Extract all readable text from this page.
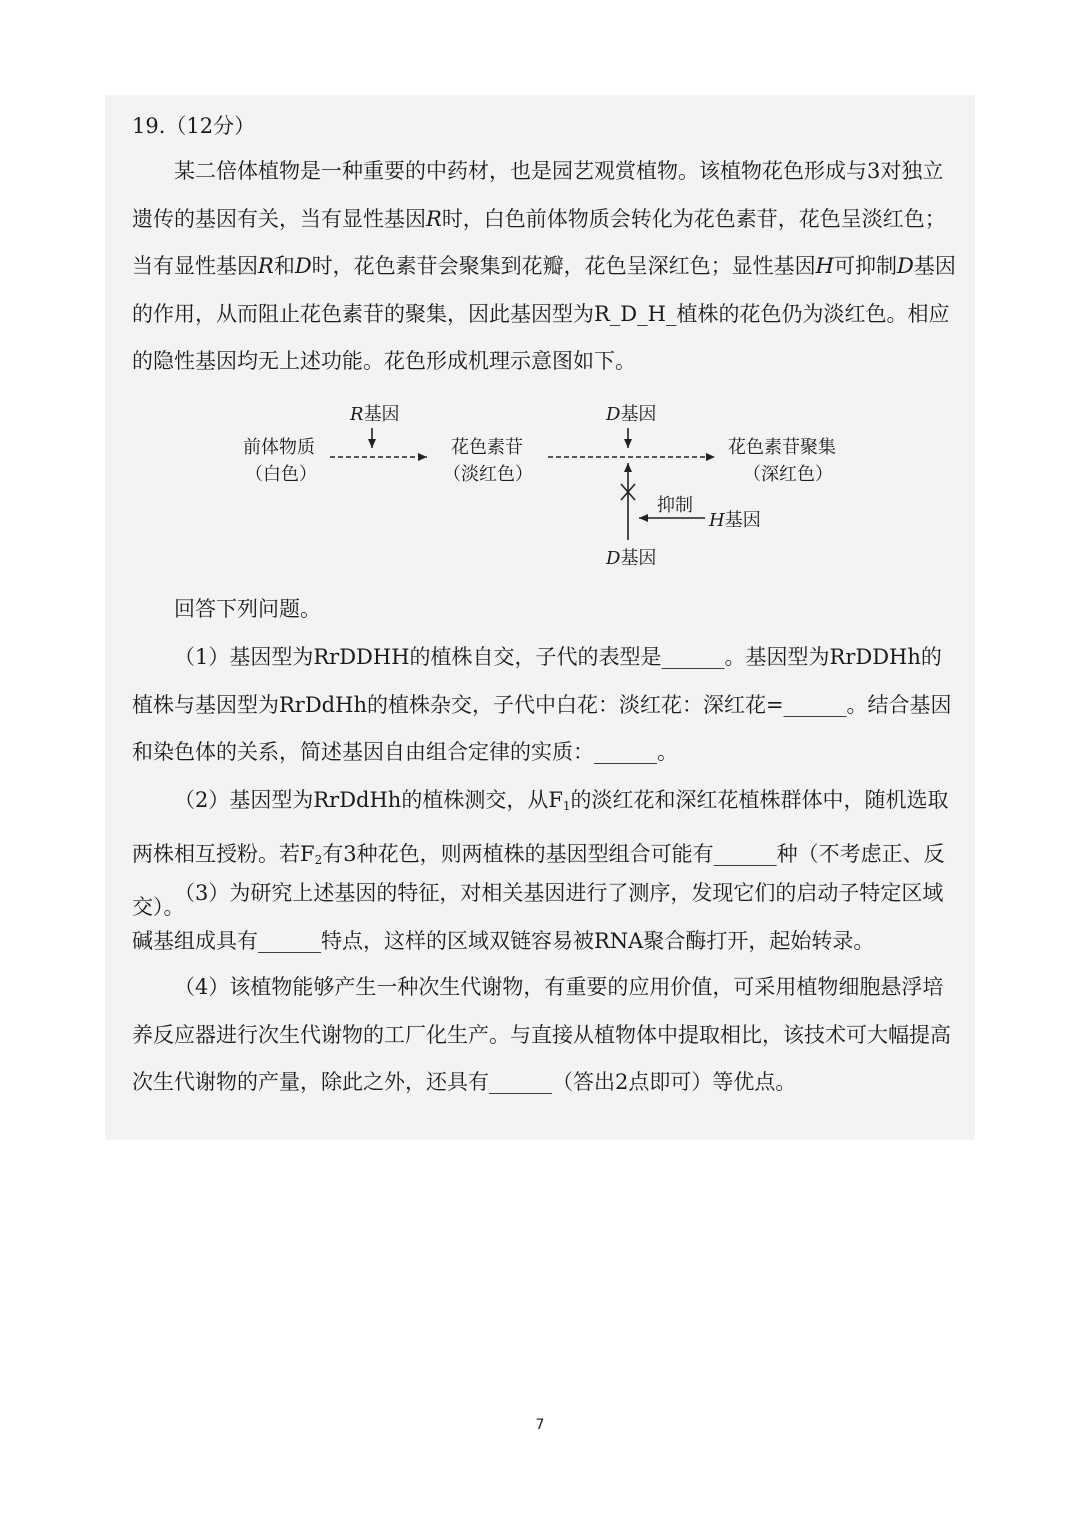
19.（12分）

某二倍体植物是一种重要的中药材，也是园艺观赏植物。该植物花色形成与3对独立遗传的基因有关，当有显性基因R时，白色前体物质会转化为花色素苷，花色呈淡红色；当有显性基因R和D时，花色素苷会聚集到花瓣，花色呈深红色；显性基因H可抑制D基因的作用，从而阻止花色素苷的聚集，因此基因型为R_D_H_植株的花色仍为淡红色。相应的隐性基因均无上述功能。花色形成机理示意图如下。

R基因	D基因
前体物质
（白色）
花色素苷
（淡红色）
花色素苷聚集
（深红色）
抑制
H基因
D基因

回答下列问题。

（1）基因型为RrDDHH的植株自交，子代的表型是______。基因型为RrDDHh的植株与基因型为RrDdHh的植株杂交，子代中白花：淡红花：深红花=______。结合基因和染色体的关系，简述基因自由组合定律的实质：______。

（2）基因型为RrDdHh的植株测交，从$F_1$的淡红花和深红花植株群体中，随机选取两株相互授粉。若$F_2$有3种花色，则两植株的基因型组合可能有______种（不考虑正、反交）。

（3）为研究上述基因的特征，对相关基因进行了测序，发现它们的启动子特定区域碱基组成具有______特点，这样的区域双链容易被RNA聚合酶打开，起始转录。

（4）该植物能够产生一种次生代谢物，有重要的应用价值，可采用植物细胞悬浮培养反应器进行次生代谢物的工厂化生产。与直接从植物体中提取相比，该技术可大幅提高次生代谢物的产量，除此之外，还具有______（答出2点即可）等优点。

7
